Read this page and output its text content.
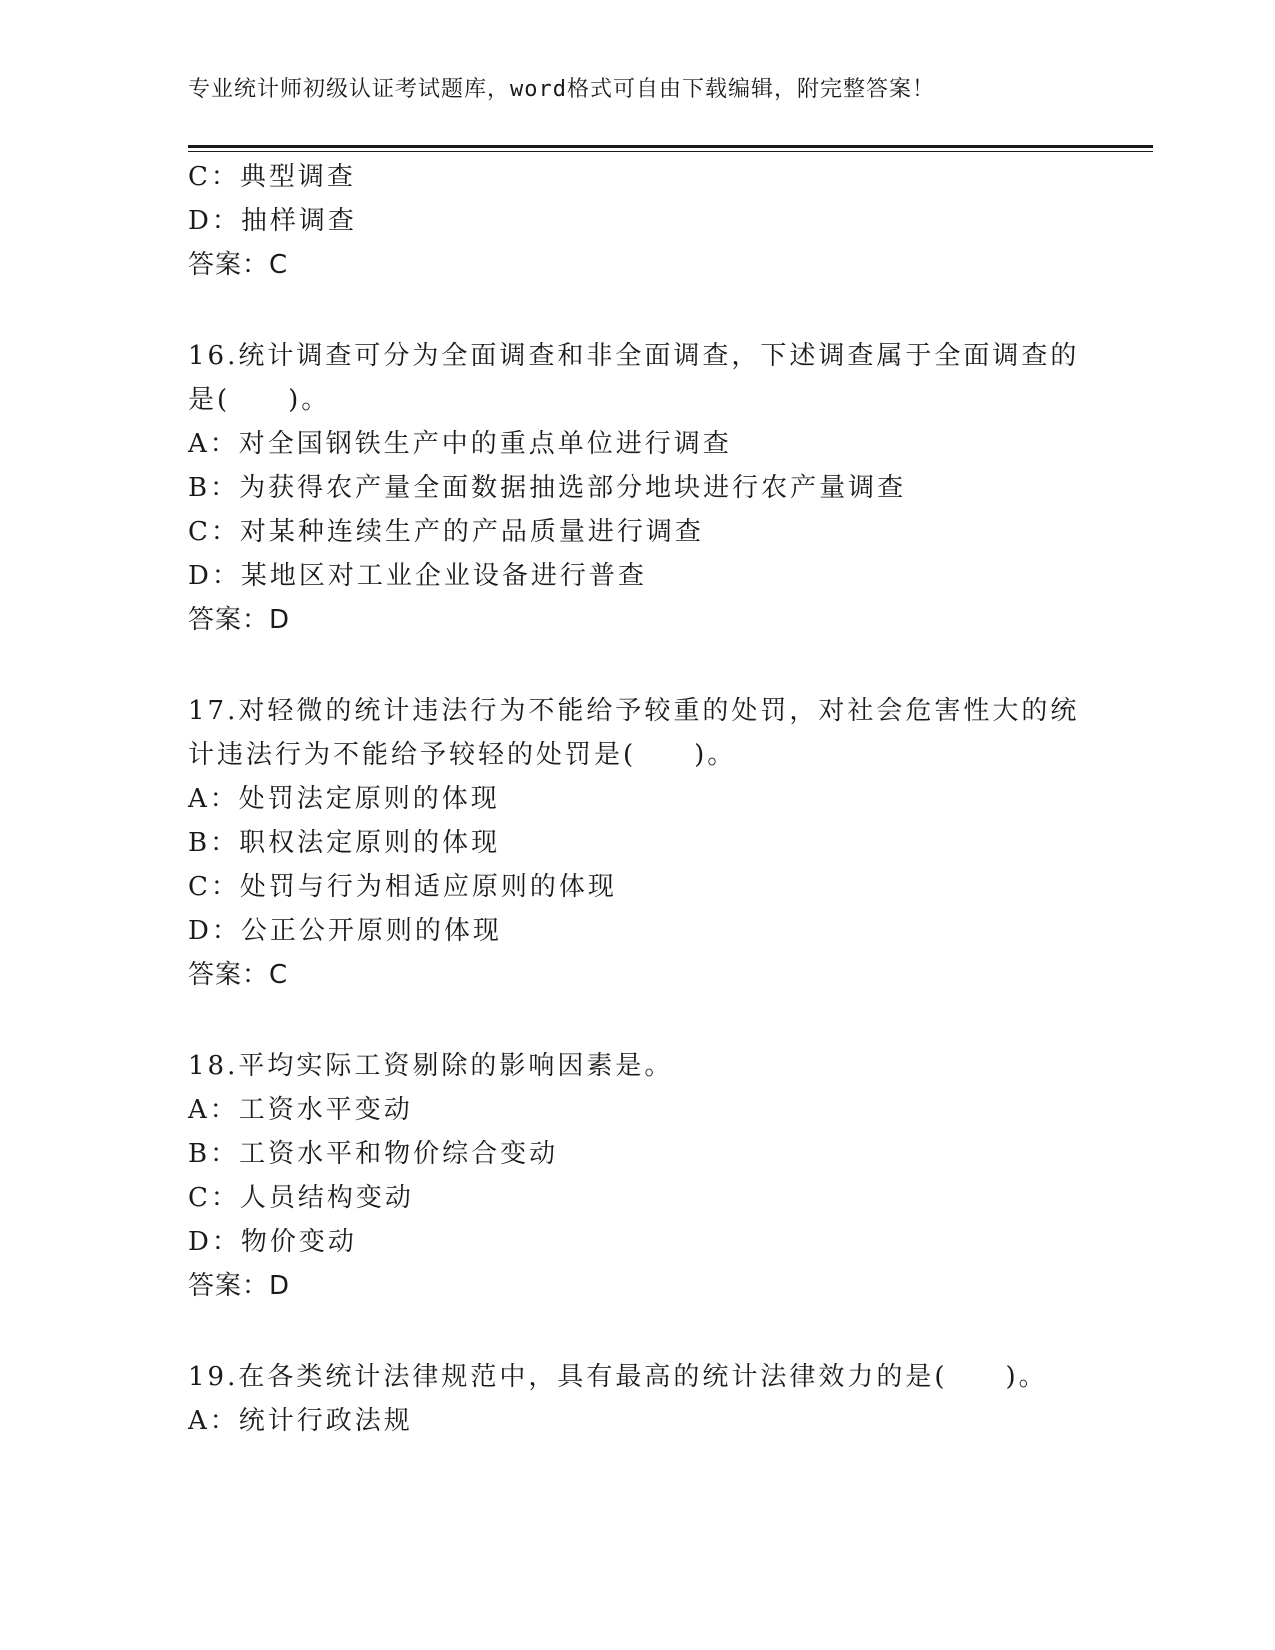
专业统计师初级认证考试题库，word格式可自由下载编辑，附完整答案！
C：典型调查
D：抽样调查
答案：C
16.统计调查可分为全面调查和非全面调查，下述调查属于全面调查的
是(　　)。
A：对全国钢铁生产中的重点单位进行调查
B：为获得农产量全面数据抽选部分地块进行农产量调查
C：对某种连续生产的产品质量进行调查
D：某地区对工业企业设备进行普查
答案：D
17.对轻微的统计违法行为不能给予较重的处罚，对社会危害性大的统
计违法行为不能给予较轻的处罚是(　　)。
A：处罚法定原则的体现
B：职权法定原则的体现
C：处罚与行为相适应原则的体现
D：公正公开原则的体现
答案：C
18.平均实际工资剔除的影响因素是。
A：工资水平变动
B：工资水平和物价综合变动
C：人员结构变动
D：物价变动
答案：D
19.在各类统计法律规范中，具有最高的统计法律效力的是(　　)。
A：统计行政法规
